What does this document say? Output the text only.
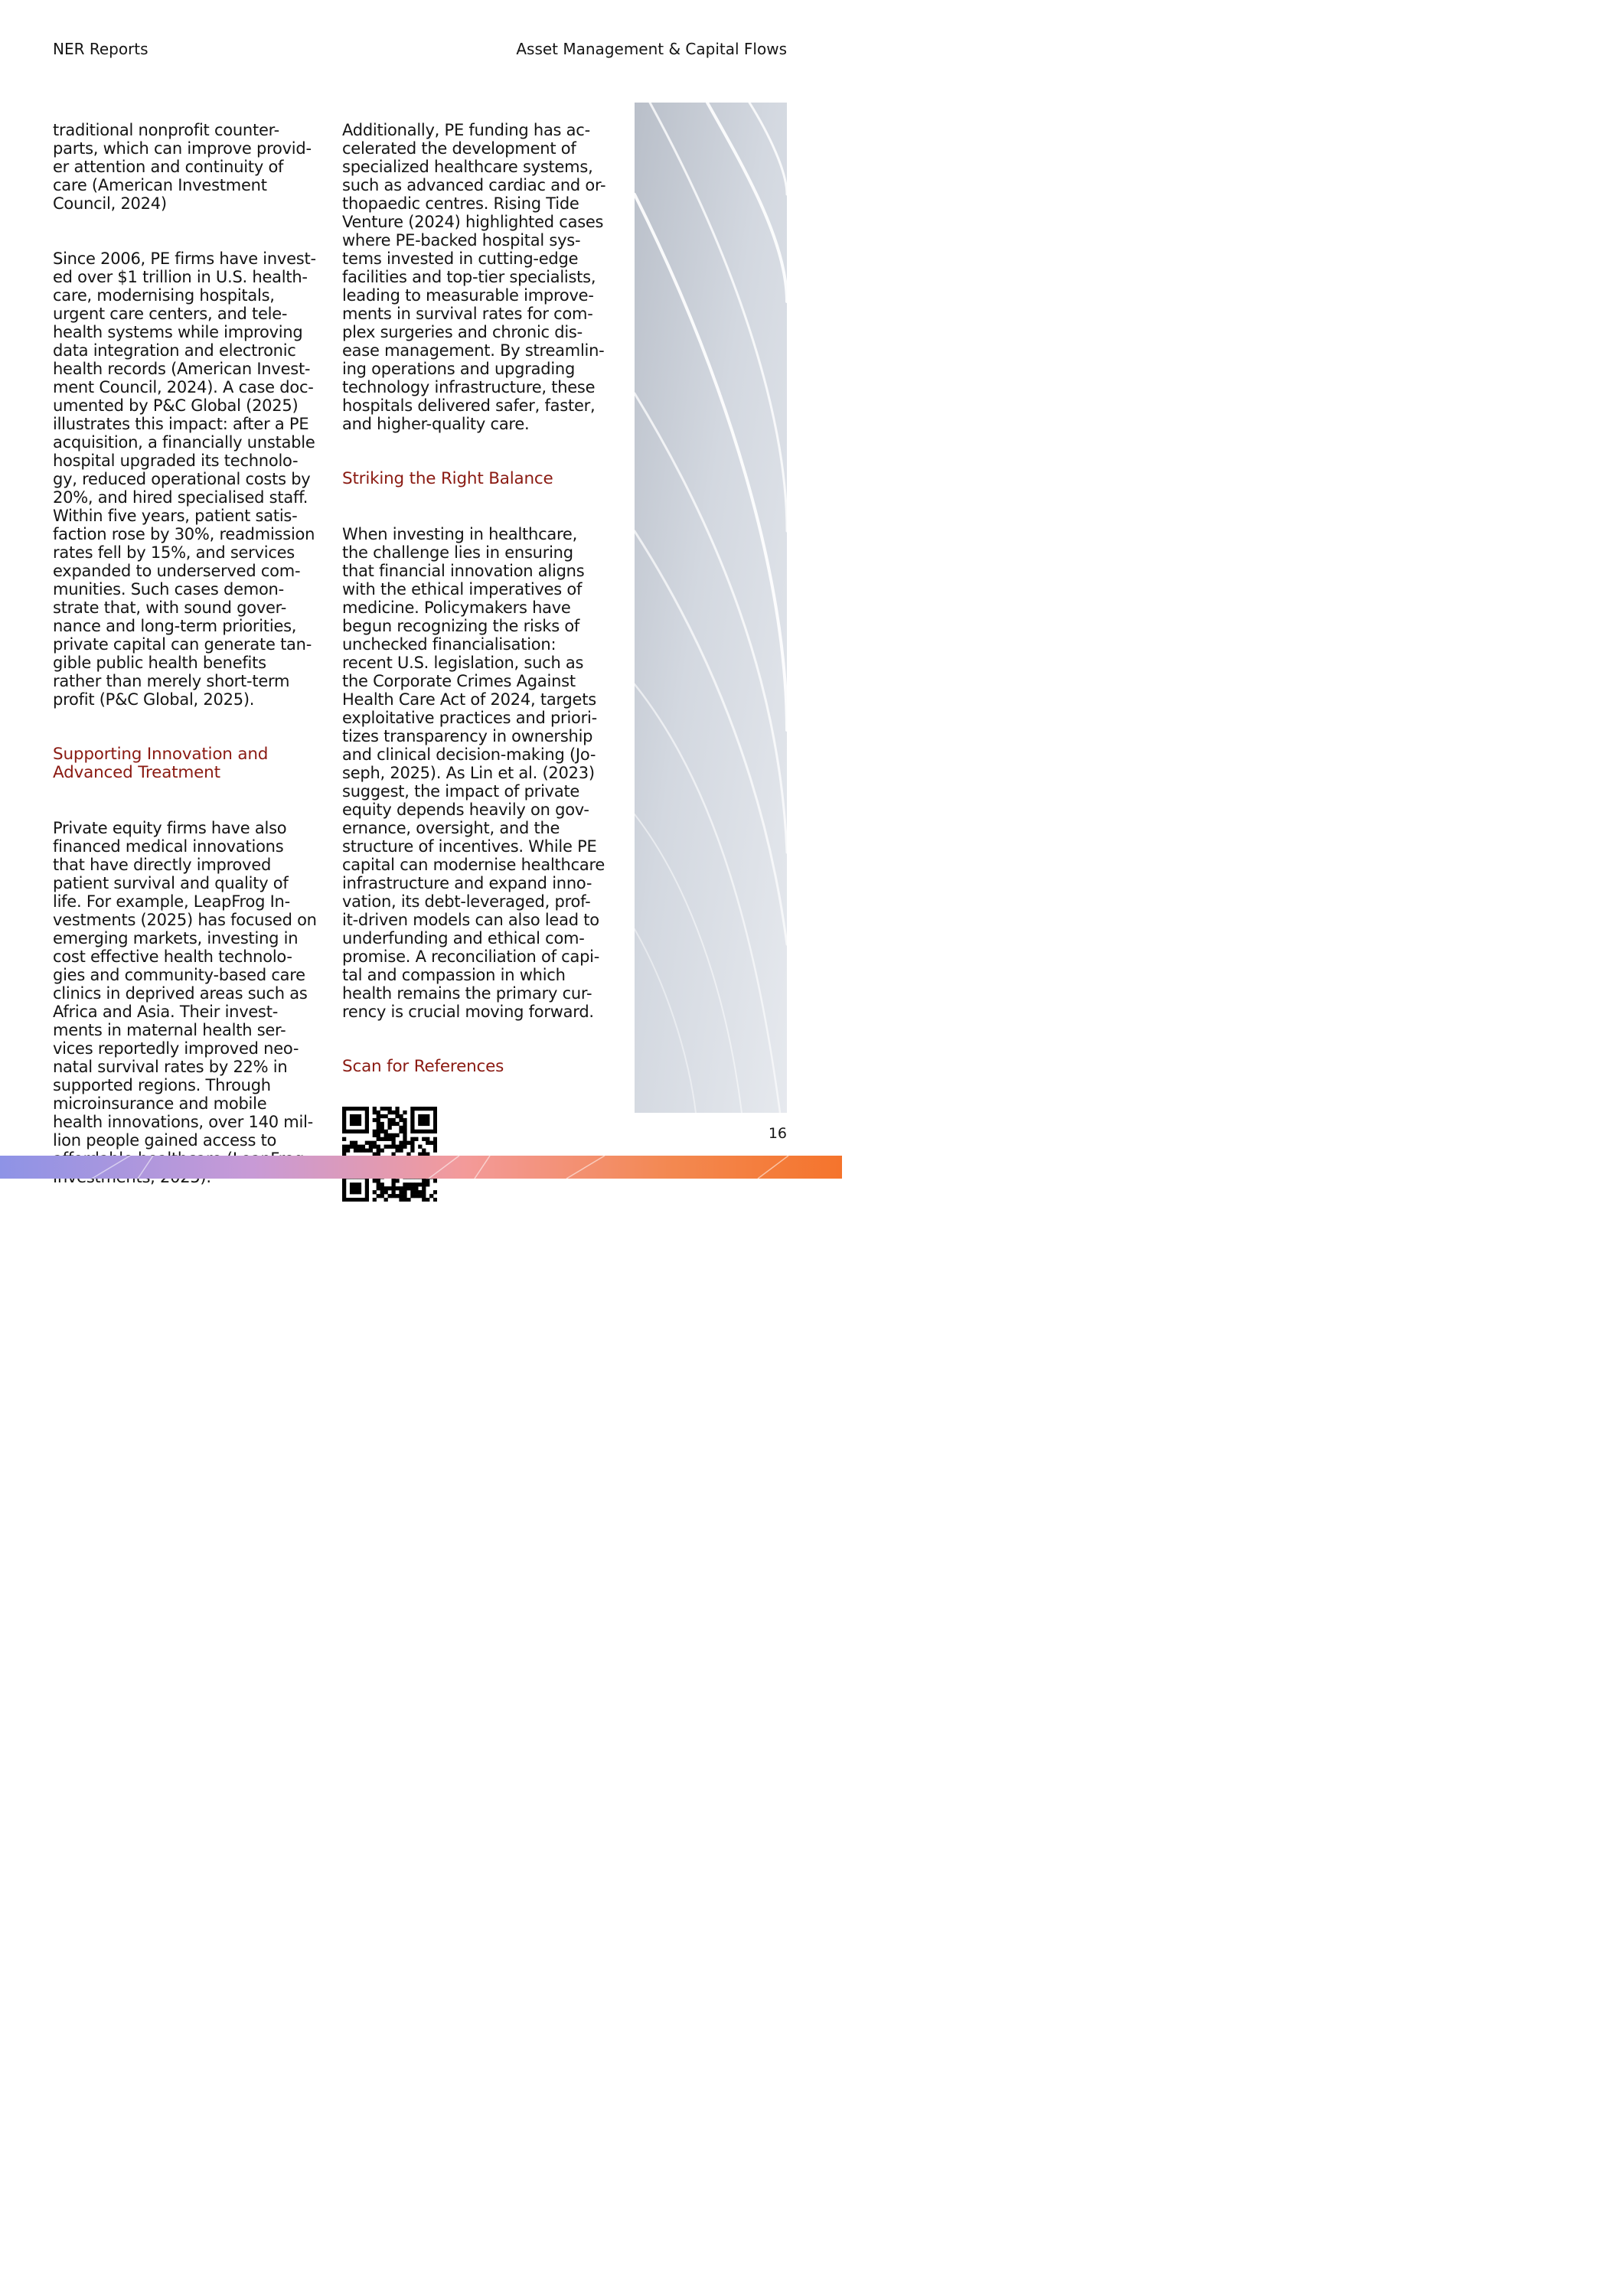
NER Reports	Asset Management & Capital Flows

traditional nonprofit counter-
parts, which can improve provid-
er attention and continuity of
care (American Investment
Council, 2024)

Since 2006, PE firms have invest-
ed over $1 trillion in U.S. health-
care, modernising hospitals,
urgent care centers, and tele-
health systems while improving
data integration and electronic
health records (American Invest-
ment Council, 2024). A case doc-
umented by P&C Global (2025)
illustrates this impact: after a PE
acquisition, a financially unstable
hospital upgraded its technolo-
gy, reduced operational costs by
20%, and hired specialised staff.
Within five years, patient satis-
faction rose by 30%, readmission
rates fell by 15%, and services
expanded to underserved com-
munities. Such cases demon-
strate that, with sound gover-
nance and long-term priorities,
private capital can generate tan-
gible public health benefits
rather than merely short-term
profit (P&C Global, 2025).

Supporting Innovation and
Advanced Treatment

Private equity firms have also
financed medical innovations
that have directly improved
patient survival and quality of
life. For example, LeapFrog In-
vestments (2025) has focused on
emerging markets, investing in
cost effective health technolo-
gies and community-based care
clinics in deprived areas such as
Africa and Asia. Their invest-
ments in maternal health ser-
vices reportedly improved neo-
natal survival rates by 22% in
supported regions. Through
microinsurance and mobile
health innovations, over 140 mil-
lion people gained access to

Additionally, PE funding has ac-
celerated the development of
specialized healthcare systems,
such as advanced cardiac and or-
thopaedic centres. Rising Tide
Venture (2024) highlighted cases
where PE-backed hospital sys-
tems invested in cutting-edge
facilities and top-tier specialists,
leading to measurable improve-
ments in survival rates for com-
plex surgeries and chronic dis-
ease management. By streamlin-
ing operations and upgrading
technology infrastructure, these
hospitals delivered safer, faster,
and higher-quality care.

Striking the Right Balance

When investing in healthcare,
the challenge lies in ensuring
that financial innovation aligns
with the ethical imperatives of
medicine. Policymakers have
begun recognizing the risks of
unchecked financialisation:
recent U.S. legislation, such as
the Corporate Crimes Against
Health Care Act of 2024, targets
exploitative practices and priori-
tizes transparency in ownership
and clinical decision-making (Jo-
seph, 2025). As Lin et al. (2023)
suggest, the impact of private
equity depends heavily on gov-
ernance, oversight, and the
structure of incentives. While PE
capital can modernise healthcare
infrastructure and expand inno-
vation, its debt-leveraged, prof-
it-driven models can also lead to
underfunding and ethical com-
promise. A reconciliation of capi-
tal and compassion in which
health remains the primary cur-
rency is crucial moving forward.

Scan for References

16
